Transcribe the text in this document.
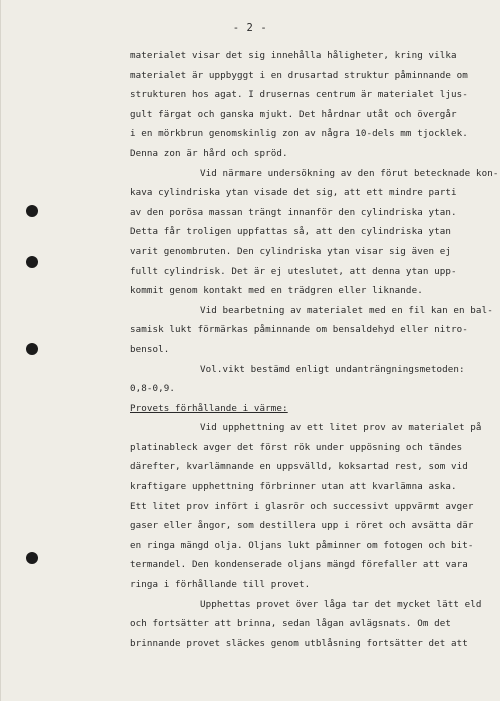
- 2 -
materialet visar det sig innehålla håligheter, kring vilka
materialet är uppbyggt i en drusartad struktur påminnande om
strukturen hos agat. I drusernas centrum är materialet ljus-
gult färgat och ganska mjukt. Det hårdnar utåt och övergår
i en mörkbrun genomskinlig zon av några 10-dels mm tjocklek.
Denna zon är hård och spröd.
Vid närmare undersökning av den förut betecknade kon-
kava cylindriska ytan visade det sig, att ett mindre parti
av den porösa massan trängt innanför den cylindriska ytan.
Detta får troligen uppfattas så, att den cylindriska ytan
varit genombruten. Den cylindriska ytan visar sig även ej
fullt cylindrisk. Det är ej uteslutet, att denna ytan upp-
kommit genom kontakt med en trädgren eller liknande.
Vid bearbetning av materialet med en fil kan en bal-
samisk lukt förmärkas påminnande om bensaldehyd eller nitro-
bensol.
Vol.vikt bestämd enligt undanträngningsmetoden:
0,8-0,9.
Provets förhållande i värme:
Vid upphettning av ett litet prov av materialet på
platinableck avger det först rök under uppösning och tändes
därefter, kvarlämnande en uppsvälld, koksartad rest, som vid
kraftigare upphettning förbrinner utan att kvarlämna aska.
Ett litet prov infört i glasrör och successivt uppvärmt avger
gaser eller ångor, som destillera upp i röret och avsätta där
en ringa mängd olja. Oljans lukt påminner om fotogen och bit-
termandel. Den kondenserade oljans mängd förefaller att vara
ringa i förhållande till provet.
Upphettas provet över låga tar det mycket lätt eld
och fortsätter att brinna, sedan lågan avlägsnats. Om det
brinnande provet släckes genom utblåsning fortsätter det att
